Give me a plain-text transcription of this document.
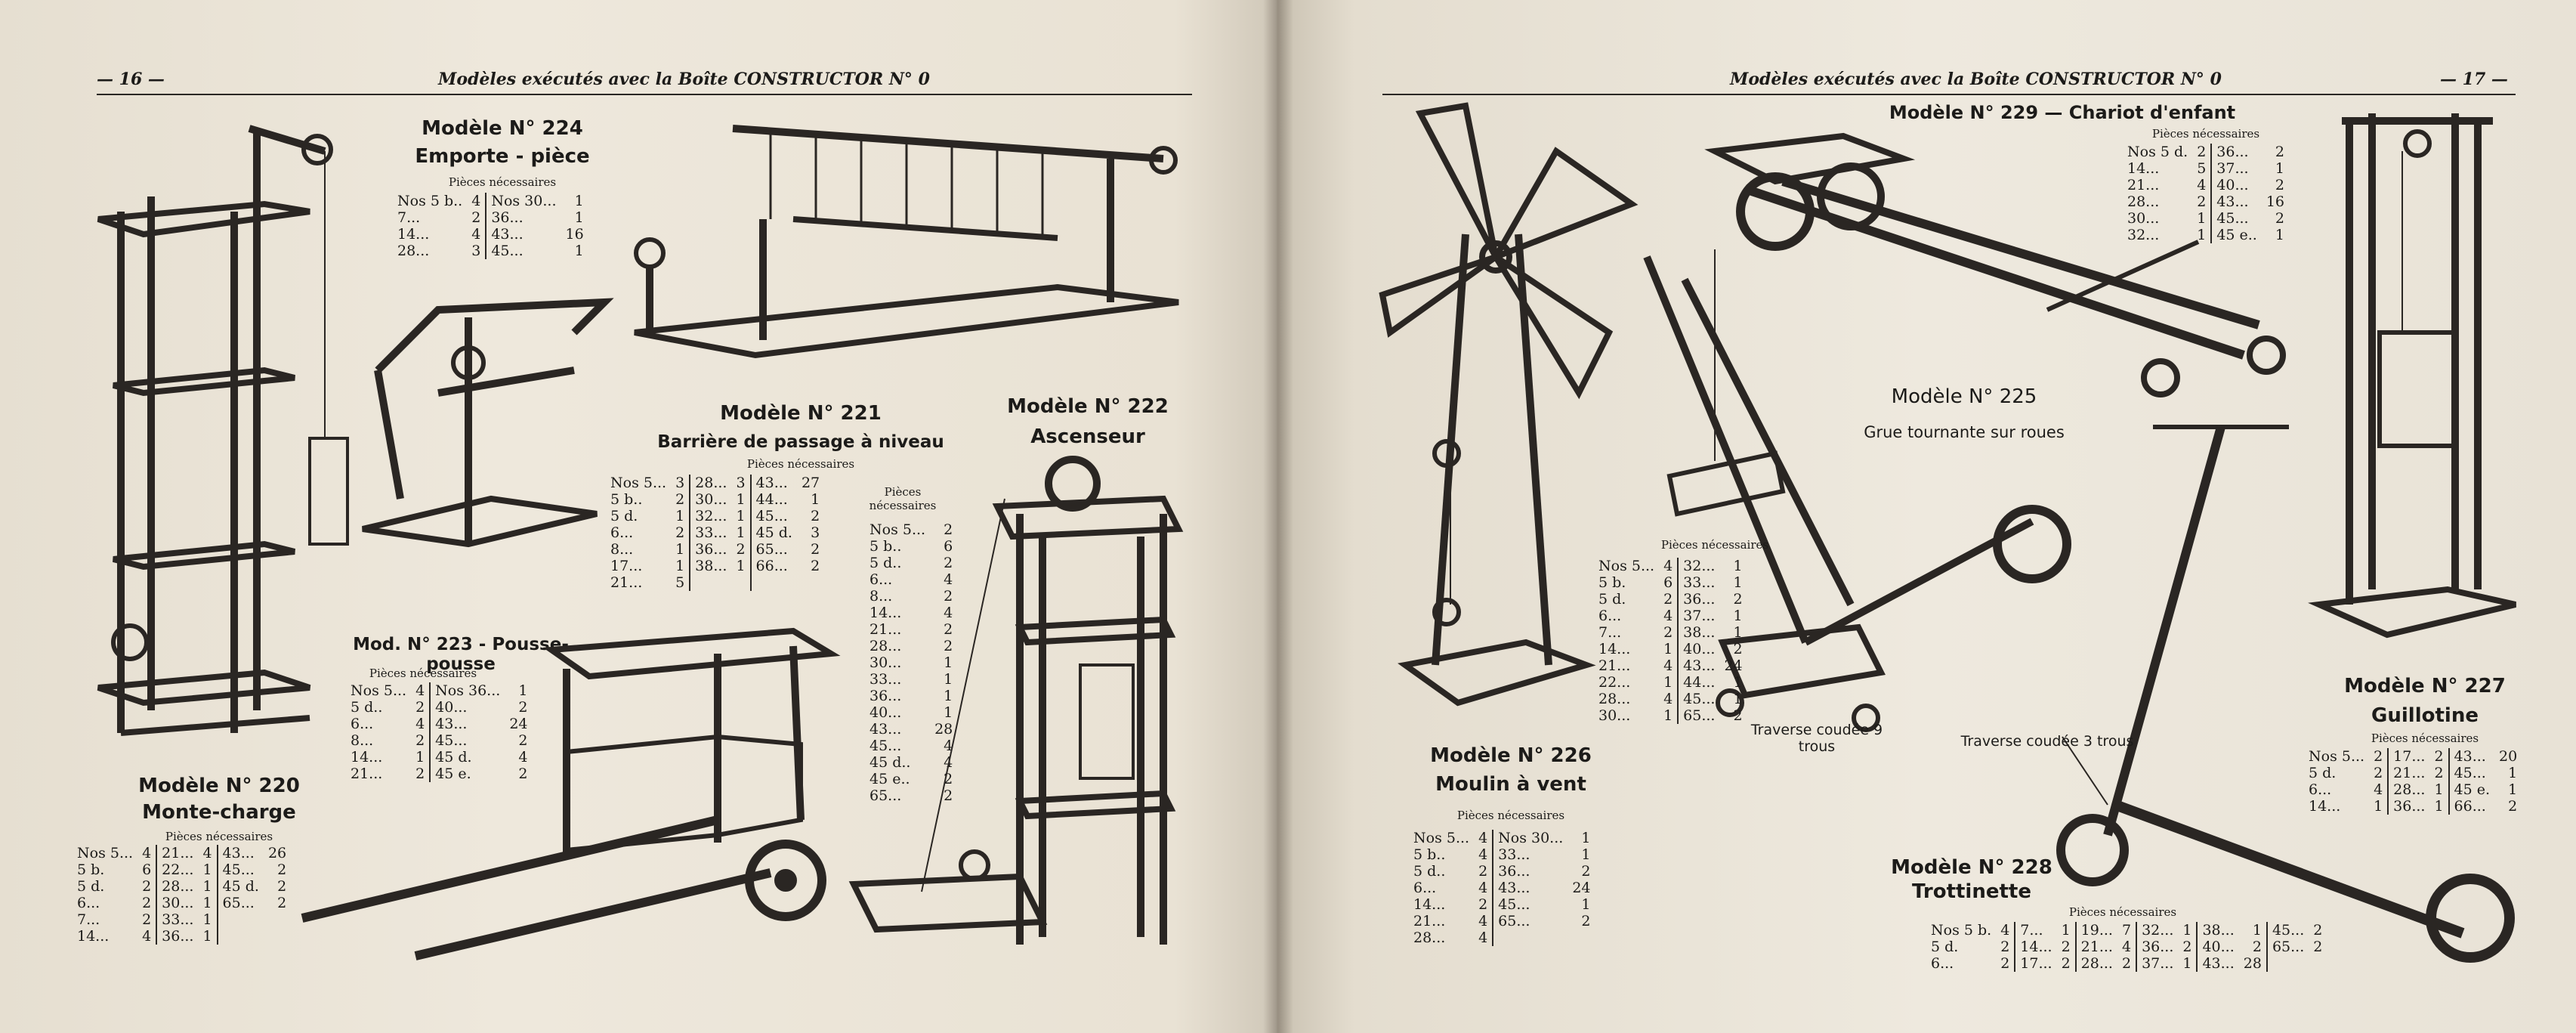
— 16 —	Modèles exécutés avec la Boîte CONSTRUCTOR N° 0
Modèle N° 220
Monte-charge
Pièces nécessaires
Nos 5...	4	21...	4	43...	26
5 b.	6	22...	1	45...	2
5 d.	2	28...	1	45 d.	2
6...	2	30...	1	65...	2
7...	2	33...	1		
14...	4	36...	1		
Modèle N° 224
Emporte - pièce
Pièces nécessaires
Nos 5 b..	4	Nos 30...	1
7...	2	36...	1
14...	4	43...	16
28...	3	45...	1
Modèle N° 221
Barrière de passage à niveau
Pièces nécessaires
Nos 5...	3	28...	3	43...	27
5 b..	2	30...	1	44...	1
5 d.	1	32...	1	45...	2
6...	2	33...	1	45 d.	3
8...	1	36...	2	65...	2
17...	1	38...	1	66...	2
21...	5				
Modèle N° 222
Ascenseur
Pièces nécessaires
Nos 5...	2
5 b..	6
5 d..	2
6...	4
8...	2
14...	4
21...	2
28...	2
30...	1
33...	1
36...	1
40...	1
43...	28
45...	4
45 d..	4
45 e..	2
65...	2
Mod. N° 223 - Pousse-pousse
Pièces nécessaires
Nos 5...	4	Nos 36...	1
5 d..	2	40...	2
6...	4	43...	24
8...	2	45...	2
14...	1	45 d.	4
21...	2	45 e.	2
Modèles exécutés avec la Boîte CONSTRUCTOR N° 0	— 17 —
Modèle N° 226
Moulin à vent
Pièces nécessaires
Nos 5...	4	Nos 30...	1
5 b..	4	33...	1
5 d..	2	36...	2
6...	4	43...	24
14...	2	45...	1
21...	4	65...	2
28...	4		
Modèle N° 225
Grue tournante sur roues
Pièces nécessaires
Nos 5...	4	32...	1
5 b.	6	33...	1
5 d.	2	36...	2
6...	4	37...	1
7...	2	38...	1
14...	1	40...	2
21...	4	43...	24
22...	1	44...	1
28...	4	45...	1
30...	1	65...	2
Traverse coudée 9 trous
Modèle N° 229 — Chariot d'enfant
Pièces nécessaires
Nos 5 d.	2	36...	2
14...	5	37...	1
21...	4	40...	2
28...	2	43...	16
30...	1	45...	2
32...	1	45 e..	1
Modèle N° 227
Guillotine
Pièces nécessaires
Nos 5...	2	17...	2	43...	20
5 d.	2	21...	2	45...	1
6...	4	28...	1	45 e.	1
14...	1	36...	1	66...	2
Traverse coudée 3 trous
Modèle N° 228
Trottinette
Pièces nécessaires
Nos 5 b.	4	7...	1	19...	7	32...	1	38...	1	45...	2
5 d.	2	14...	2	21...	4	36...	2	40...	2	65...	2
6...	2	17...	2	28...	2	37...	1	43...	28		
